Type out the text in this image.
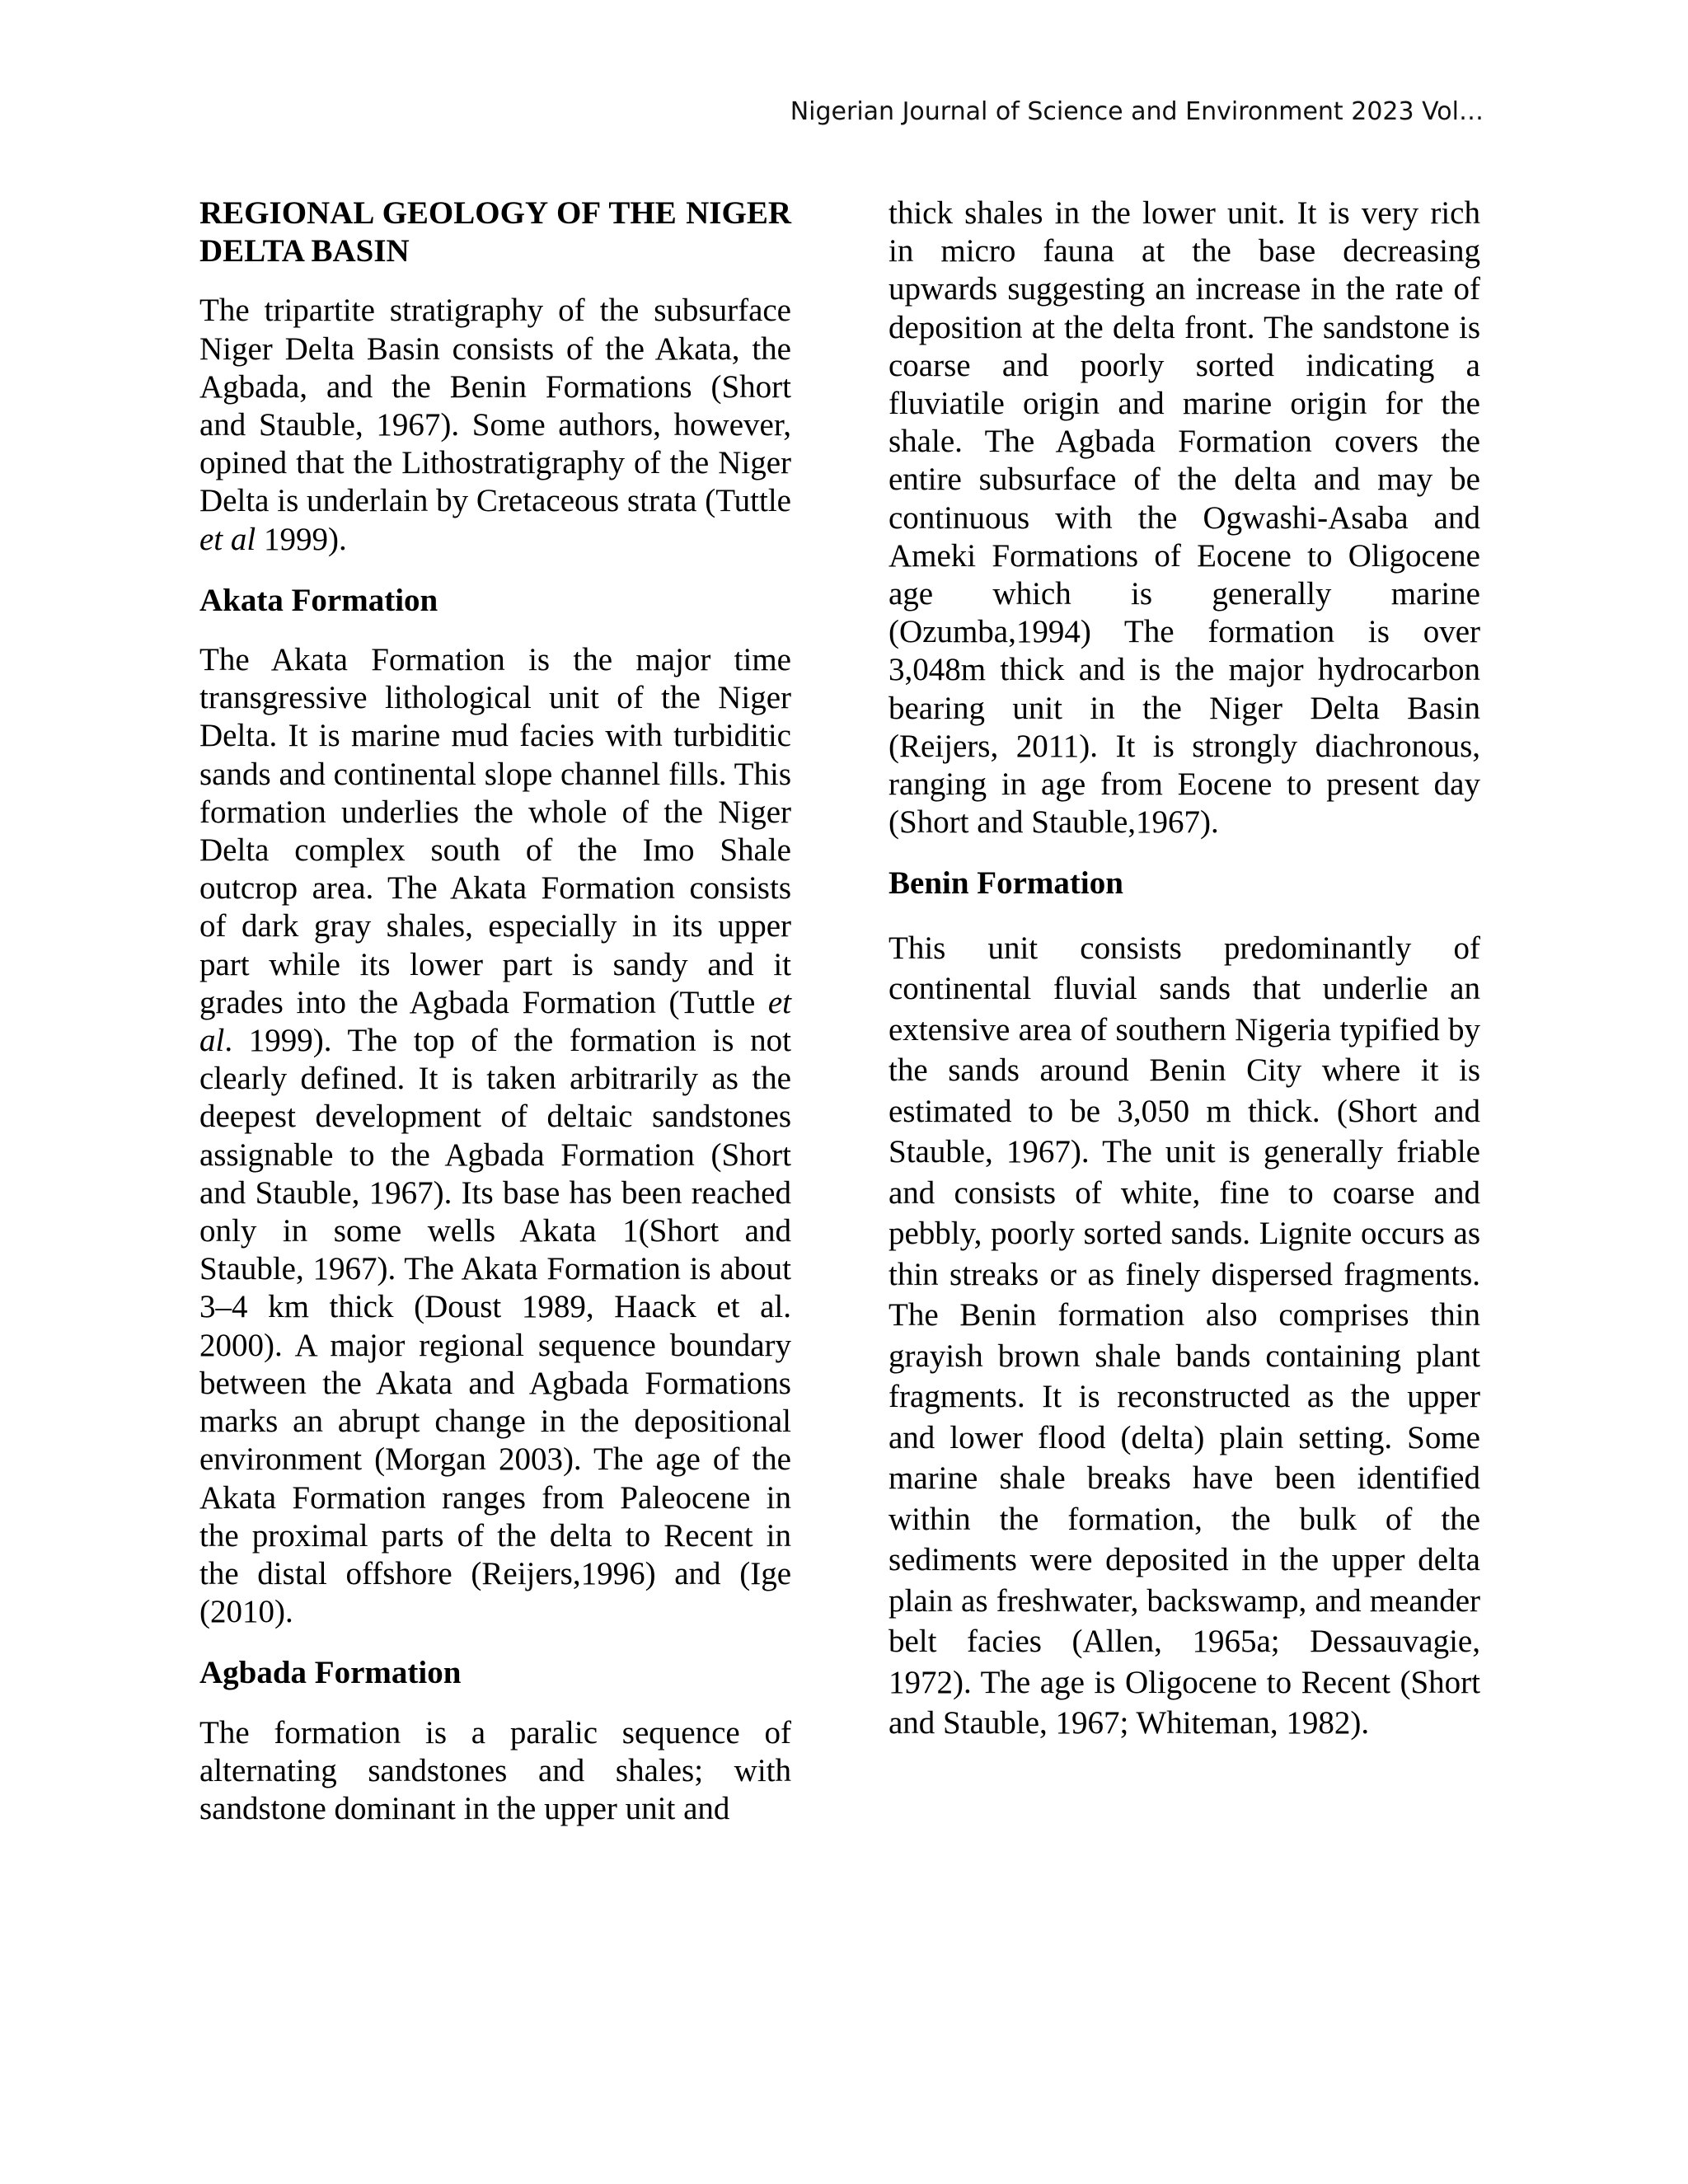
Nigerian Journal of Science and Environment 2023 Vol…
REGIONAL GEOLOGY OF THE NIGER DELTA BASIN

The tripartite stratigraphy of the subsurface Niger Delta Basin consists of the Akata, the Agbada, and the Benin Formations (Short and Stauble, 1967). Some authors, however, opined that the Lithostratigraphy of the Niger Delta is underlain by Cretaceous strata (Tuttle et al 1999).

Akata Formation

The Akata Formation is the major time transgressive lithological unit of the Niger Delta. It is marine mud facies with turbiditic sands and continental slope channel fills. This formation underlies the whole of the Niger Delta complex south of the Imo Shale outcrop area. The Akata Formation consists of dark gray shales, especially in its upper part while its lower part is sandy and it grades into the Agbada Formation (Tuttle et al. 1999). The top of the formation is not clearly defined. It is taken arbitrarily as the deepest development of deltaic sandstones assignable to the Agbada Formation (Short and Stauble, 1967). Its base has been reached only in some wells Akata 1(Short and Stauble, 1967). The Akata Formation is about 3–4 km thick (Doust 1989, Haack et al. 2000). A major regional sequence boundary between the Akata and Agbada Formations marks an abrupt change in the depositional environment (Morgan 2003). The age of the Akata Formation ranges from Paleocene in the proximal parts of the delta to Recent in the distal offshore (Reijers,1996) and (Ige (2010).

Agbada Formation

The formation is a paralic sequence of alternating sandstones and shales; with sandstone dominant in the upper unit and

thick shales in the lower unit. It is very rich in micro fauna at the base decreasing upwards suggesting an increase in the rate of deposition at the delta front. The sandstone is coarse and poorly sorted indicating a fluviatile origin and marine origin for the shale. The Agbada Formation covers the entire subsurface of the delta and may be continuous with the Ogwashi-Asaba and Ameki Formations of Eocene to Oligocene age which is generally marine (Ozumba,1994) The formation is over 3,048m thick and is the major hydrocarbon bearing unit in the Niger Delta Basin (Reijers, 2011). It is strongly diachronous, ranging in age from Eocene to present day (Short and Stauble,1967).

Benin Formation

This unit consists predominantly of continental fluvial sands that underlie an extensive area of southern Nigeria typified by the sands around Benin City where it is estimated to be 3,050 m thick. (Short and Stauble, 1967). The unit is generally friable and consists of white, fine to coarse and pebbly, poorly sorted sands. Lignite occurs as thin streaks or as finely dispersed fragments. The Benin formation also comprises thin grayish brown shale bands containing plant fragments. It is reconstructed as the upper and lower flood (delta) plain setting. Some marine shale breaks have been identified within the formation, the bulk of the sediments were deposited in the upper delta plain as freshwater, backswamp, and meander belt facies (Allen, 1965a; Dessauvagie, 1972). The age is Oligocene to Recent (Short and Stauble, 1967; Whiteman, 1982).
